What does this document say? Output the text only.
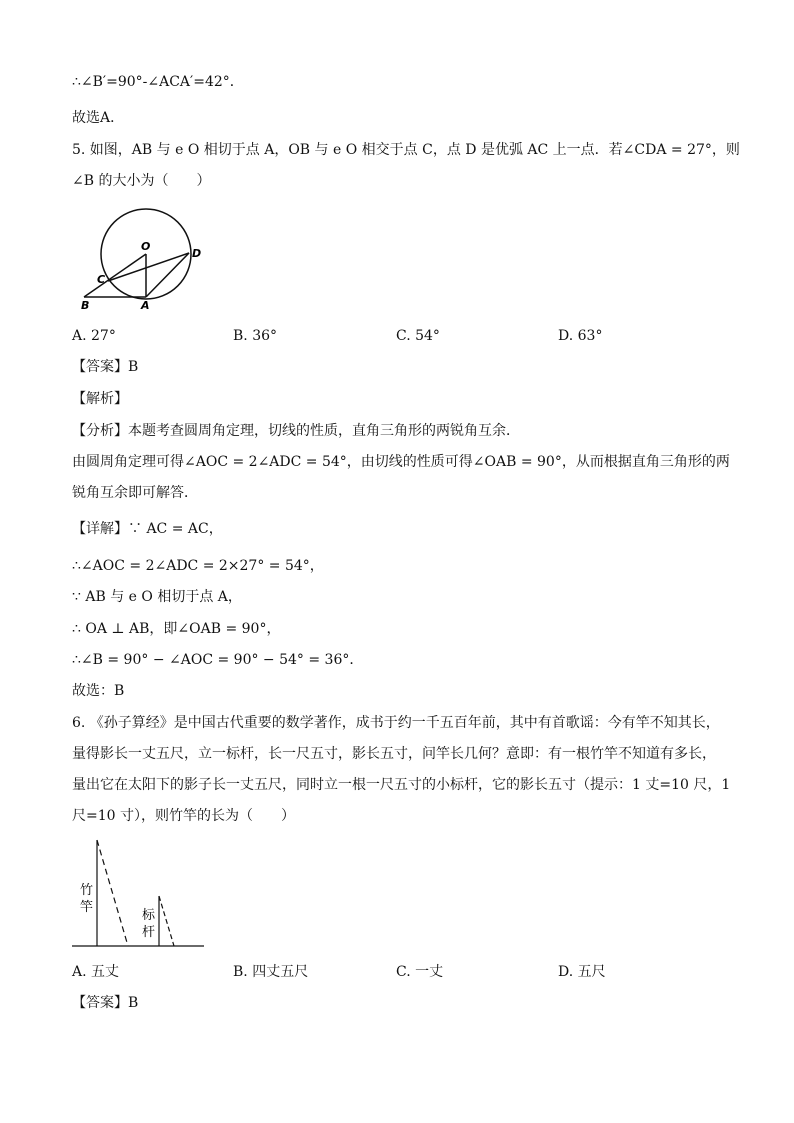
∴∠B′=90°-∠ACA′=42°．
故选A．
5. 如图，AB 与 e O 相切于点 A，OB 与 e O 相交于点 C，点 D 是优弧 AC 上一点．若∠CDA = 27°，则
∠B 的大小为（　　）
O
D
C
B	A
A. 27°	B. 36°	C. 54°	D. 63°
【答案】B
【解析】
【分析】本题考查圆周角定理，切线的性质，直角三角形的两锐角互余．
由圆周角定理可得∠AOC = 2∠ADC = 54°，由切线的性质可得∠OAB = 90°，从而根据直角三角形的两
锐角互余即可解答．
【详解】∵ AC = AC，
∴∠AOC = 2∠ADC = 2×27° = 54°，
∵ AB 与 e O 相切于点 A，
∴ OA ⊥ AB，即∠OAB = 90°，
∴∠B = 90° − ∠AOC = 90° − 54° = 36°．
故选：B
6. 《孙子算经》是中国古代重要的数学著作，成书于约一千五百年前，其中有首歌谣：今有竿不知其长，
量得影长一丈五尺，立一标杆，长一尺五寸，影长五寸，问竿长几何？意即：有一根竹竿不知道有多长，
量出它在太阳下的影子长一丈五尺，同时立一根一尺五寸的小标杆，它的影长五寸（提示：1 丈=10 尺，1
尺=10 寸），则竹竿的长为（　　）
竹
竿
标
杆
A. 五丈	B. 四丈五尺	C. 一丈	D. 五尺
【答案】B
